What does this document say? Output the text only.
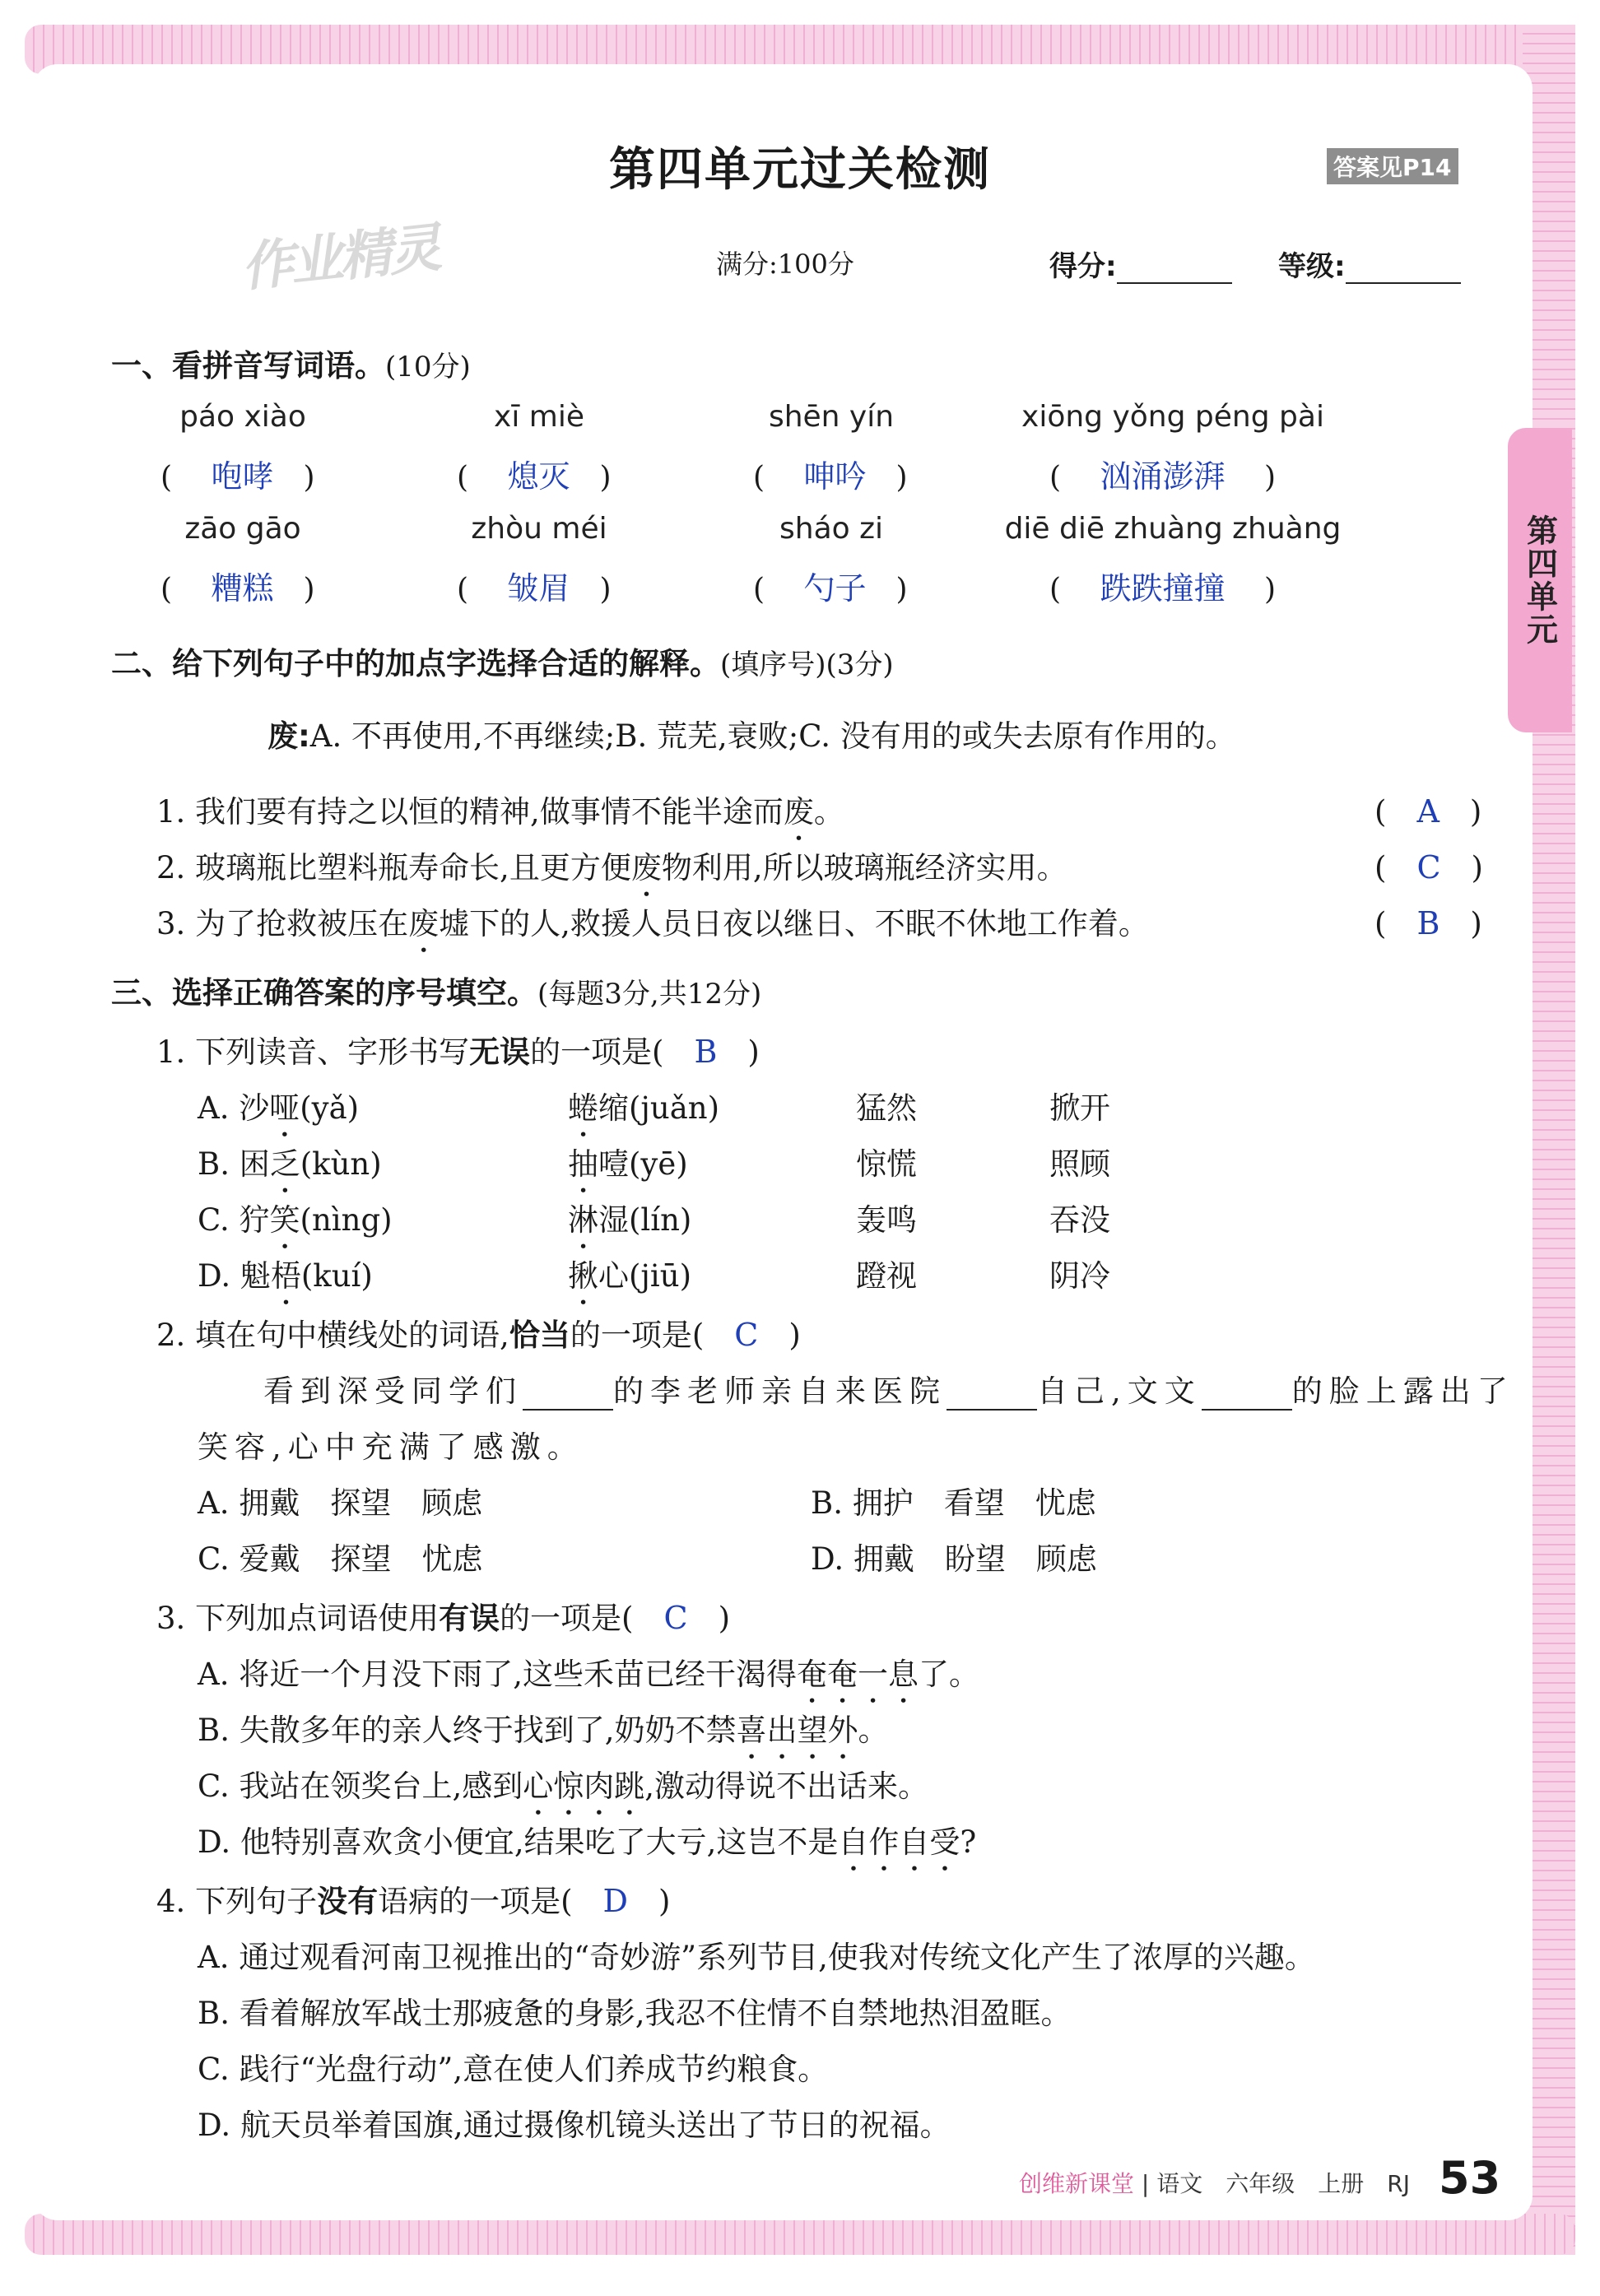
第四单元
第四单元过关检测	答案见P14
作业精灵	满分:100分	得分:	等级:
一、看拼音写词语。(10分)
páo xiào	xī miè	shēn yín	xiōng yǒng péng pài
(　 咆哮　)	(　 熄灭　)	(　 呻吟　)	(　 汹涌澎湃　 )
zāo gāo	zhòu méi	sháo zi	diē diē zhuàng zhuàng
(　 糟糕　)	(　 皱眉　)	(　 勺子　)	(　 跌跌撞撞　 )
二、给下列句子中的加点字选择合适的解释。(填序号)(3分)
废:A. 不再使用,不再继续;B. 荒芜,衰败;C. 没有用的或失去原有作用的。
1. 我们要有持之以恒的精神,做事情不能半途而废。	(　A　)
2. 玻璃瓶比塑料瓶寿命长,且更方便废物利用,所以玻璃瓶经济实用。	(　C　)
3. 为了抢救被压在废墟下的人,救援人员日夜以继日、不眠不休地工作着。	(　B　)
三、选择正确答案的序号填空。(每题3分,共12分)
1. 下列读音、字形书写无误的一项是(　 B　)
A. 沙哑(yǎ)	蜷缩(juǎn)	猛然	掀开
B. 困乏(kùn)	抽噎(yē)	惊慌	照顾
C. 狞笑(nìng)	淋湿(lín)	轰鸣	吞没
D. 魁梧(kuí)	揪心(jiū)	蹬视	阴冷
2. 填在句中横线处的词语,恰当的一项是(　 C　)
看到深受同学们	的李老师亲自来医院	自己,文文	的脸上露出了
笑容,心中充满了感激。
A. 拥戴　探望　顾虑	B. 拥护　看望　忧虑
C. 爱戴　探望　忧虑	D. 拥戴　盼望　顾虑
3. 下列加点词语使用有误的一项是(　 C　)
A. 将近一个月没下雨了,这些禾苗已经干渴得奄奄一息了。
B. 失散多年的亲人终于找到了,奶奶不禁喜出望外。
C. 我站在领奖台上,感到心惊肉跳,激动得说不出话来。
D. 他特别喜欢贪小便宜,结果吃了大亏,这岂不是自作自受?
4. 下列句子没有语病的一项是(　 D　)
A. 通过观看河南卫视推出的“奇妙游”系列节目,使我对传统文化产生了浓厚的兴趣。
B. 看着解放军战士那疲惫的身影,我忍不住情不自禁地热泪盈眶。
C. 践行“光盘行动”,意在使人们养成节约粮食。
D. 航天员举着国旗,通过摄像机镜头送出了节日的祝福。
创维新课堂 | 语文　六年级　上册　RJ 53
